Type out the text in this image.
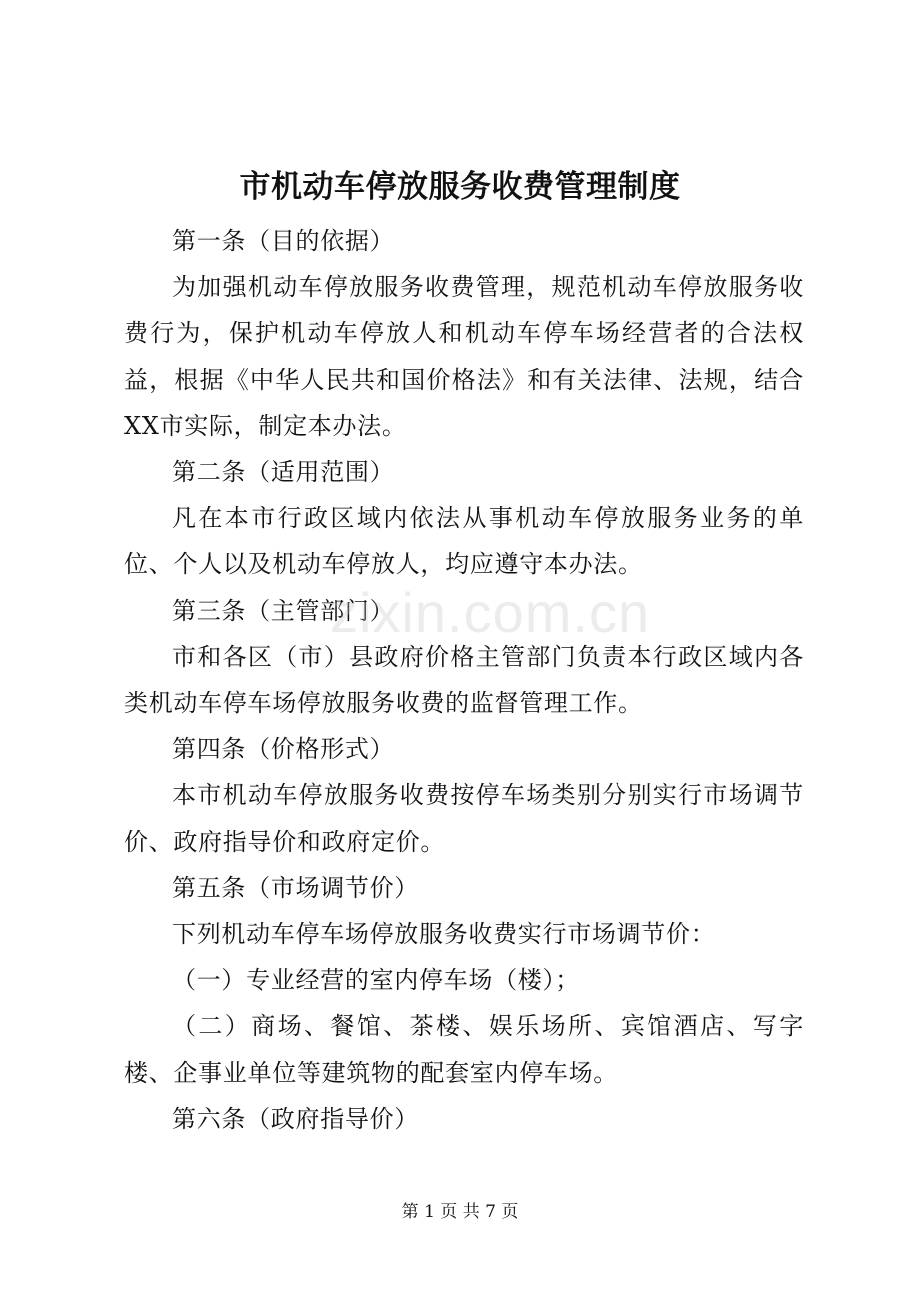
市机动车停放服务收费管理制度

第一条（目的依据）

为加强机动车停放服务收费管理，规范机动车停放服务收费行为，保护机动车停放人和机动车停车场经营者的合法权益，根据《中华人民共和国价格法》和有关法律、法规，结合XX市实际，制定本办法。

第二条（适用范围）

凡在本市行政区域内依法从事机动车停放服务业务的单位、个人以及机动车停放人，均应遵守本办法。

第三条（主管部门）

市和各区（市）县政府价格主管部门负责本行政区域内各类机动车停车场停放服务收费的监督管理工作。

第四条（价格形式）

本市机动车停放服务收费按停车场类别分别实行市场调节价、政府指导价和政府定价。

第五条（市场调节价）

下列机动车停车场停放服务收费实行市场调节价：

（一）专业经营的室内停车场（楼）；

（二）商场、餐馆、茶楼、娱乐场所、宾馆酒店、写字楼、企事业单位等建筑物的配套室内停车场。

第六条（政府指导价）

zixin.com.cn
第 1 页 共 7 页
